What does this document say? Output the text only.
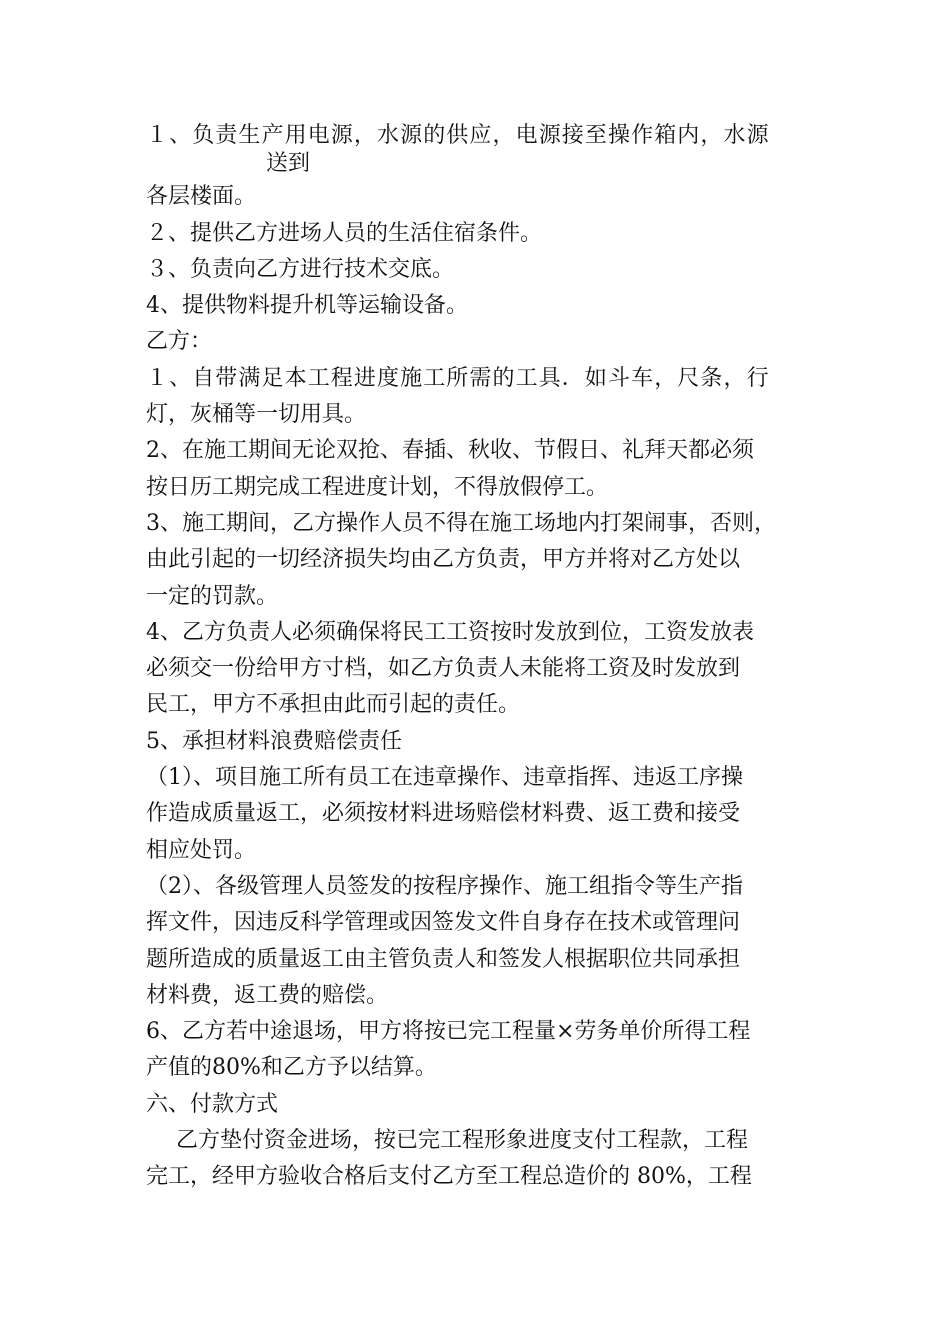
１、负责生产用电源，水源的供应，电源接至操作箱内，水源
送到
各层楼面。
２、提供乙方进场人员的生活住宿条件。
３、负责向乙方进行技术交底。
4、提供物料提升机等运输设备。
乙方：
１、自带满足本工程进度施工所需的工具．如斗车，尺条，行
灯，灰桶等一切用具。
2、在施工期间无论双抢、春插、秋收、节假日、礼拜天都必须
按日历工期完成工程进度计划，不得放假停工。
3、施工期间，乙方操作人员不得在施工场地内打架闹事，否则，
由此引起的一切经济损失均由乙方负责，甲方并将对乙方处以
一定的罚款。
4、乙方负责人必须确保将民工工资按时发放到位，工资发放表
必须交一份给甲方寸档，如乙方负责人未能将工资及时发放到
民工，甲方不承担由此而引起的责任。
5、承担材料浪费赔偿责任
（1）、项目施工所有员工在违章操作、违章指挥、违返工序操
作造成质量返工，必须按材料进场赔偿材料费、返工费和接受
相应处罚。
（2）、各级管理人员签发的按程序操作、施工组指令等生产指
挥文件，因违反科学管理或因签发文件自身存在技术或管理问
题所造成的质量返工由主管负责人和签发人根据职位共同承担
材料费，返工费的赔偿。
6、乙方若中途退场，甲方将按已完工程量×劳务单价所得工程
产值的80%和乙方予以结算。
六、付款方式
乙方垫付资金进场，按已完工程形象进度支付工程款，工程
完工，经甲方验收合格后支付乙方至工程总造价的 80%，工程
